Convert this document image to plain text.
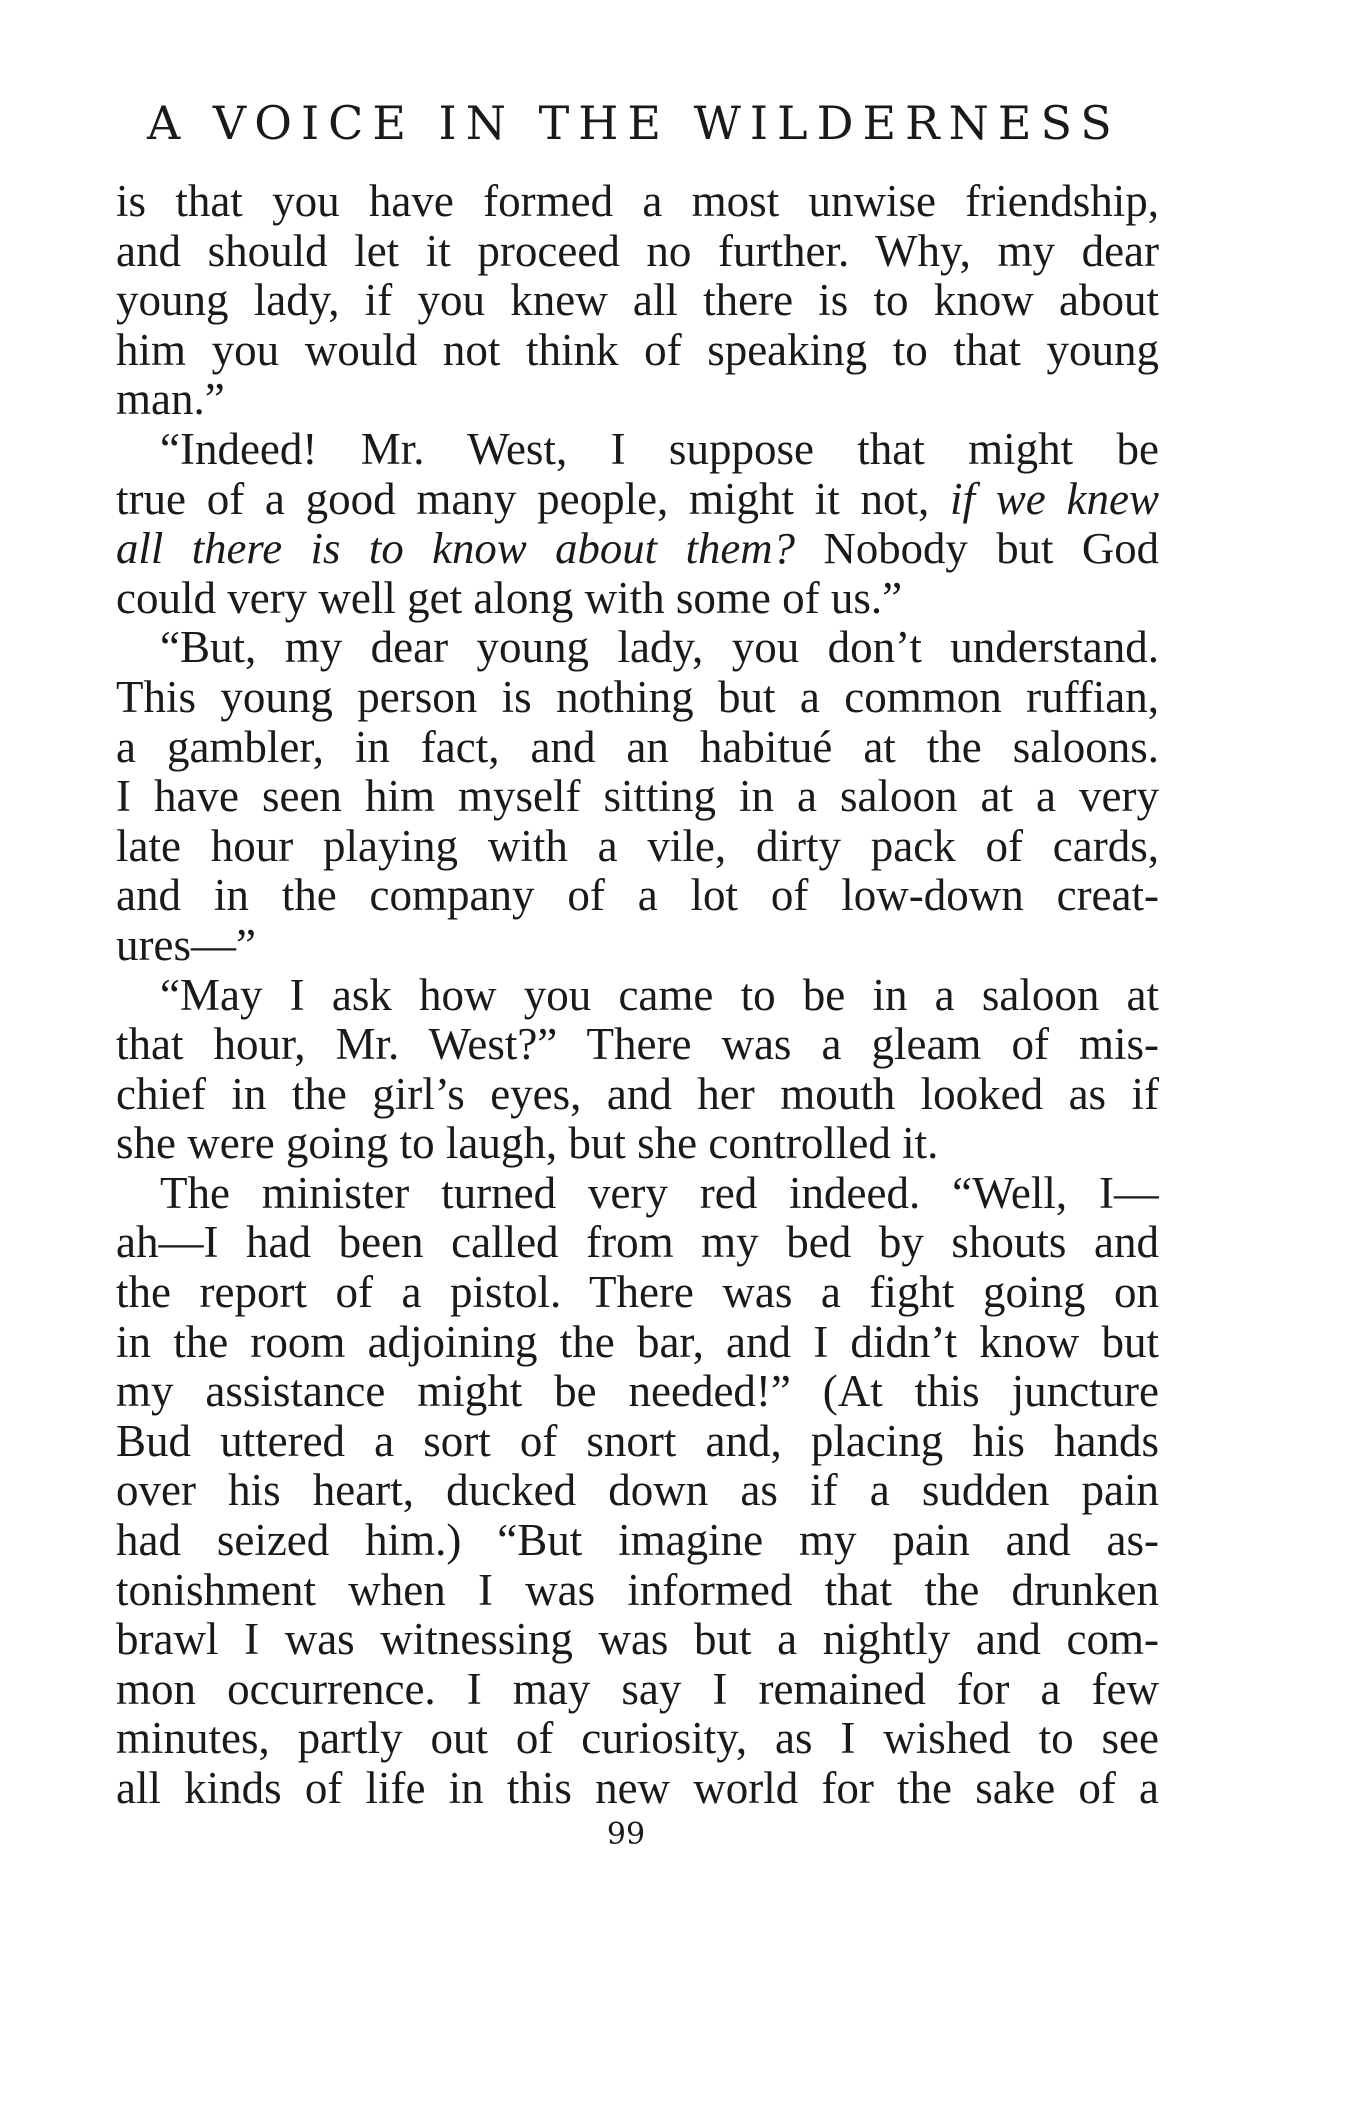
A VOICE IN THE WILDERNESS
is that you have formed a most unwise friendship,
and should let it proceed no further. Why, my dear
young lady, if you knew all there is to know about
him you would not think of speaking to that young
man.”
“Indeed! Mr. West, I suppose that might be
true of a good many people, might it not, if we knew
all there is to know about them? Nobody but God
could very well get along with some of us.”
“But, my dear young lady, you don’t understand.
This young person is nothing but a common ruffian,
a gambler, in fact, and an habitué at the saloons.
I have seen him myself sitting in a saloon at a very
late hour playing with a vile, dirty pack of cards,
and in the company of a lot of low-down creat-
ures—”
“May I ask how you came to be in a saloon at
that hour, Mr. West?” There was a gleam of mis-
chief in the girl’s eyes, and her mouth looked as if
she were going to laugh, but she controlled it.
The minister turned very red indeed. “Well, I—
ah—I had been called from my bed by shouts and
the report of a pistol. There was a fight going on
in the room adjoining the bar, and I didn’t know but
my assistance might be needed!” (At this juncture
Bud uttered a sort of snort and, placing his hands
over his heart, ducked down as if a sudden pain
had seized him.) “But imagine my pain and as-
tonishment when I was informed that the drunken
brawl I was witnessing was but a nightly and com-
mon occurrence. I may say I remained for a few
minutes, partly out of curiosity, as I wished to see
all kinds of life in this new world for the sake of a
99
